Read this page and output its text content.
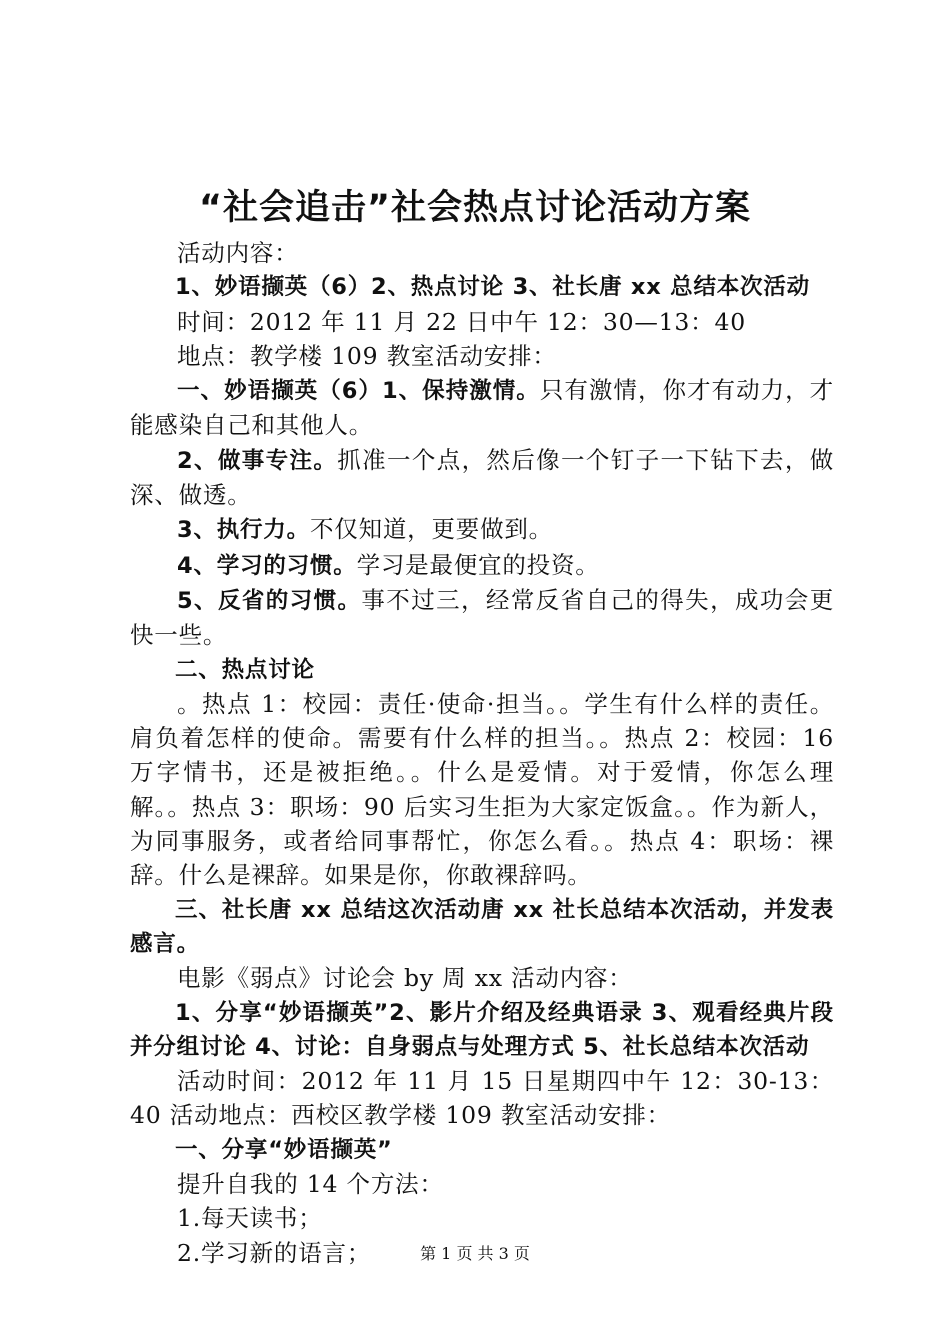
“社会追击”社会热点讨论活动方案

活动内容：

1、妙语撷英（6）2、热点讨论 3、社长唐 xx 总结本次活动

时间：2012 年 11 月 22 日中午 12：30—13：40

地点：教学楼 109 教室活动安排：

一、妙语撷英（6）1、保持激情。只有激情，你才有动力，才能感染自己和其他人。

2、做事专注。抓准一个点，然后像一个钉子一下钻下去，做深、做透。

3、执行力。不仅知道，更要做到。

4、学习的习惯。学习是最便宜的投资。

5、反省的习惯。事不过三，经常反省自己的得失，成功会更快一些。

二、热点讨论

。热点 1：校园：责任·使命·担当。。学生有什么样的责任。肩负着怎样的使命。需要有什么样的担当。。热点 2：校园：16 万字情书，还是被拒绝。。什么是爱情。对于爱情，你怎么理解。。热点 3：职场：90 后实习生拒为大家定饭盒。。作为新人，为同事服务，或者给同事帮忙，你怎么看。。热点 4：职场：裸辞。什么是裸辞。如果是你，你敢裸辞吗。

三、社长唐 xx 总结这次活动唐 xx 社长总结本次活动，并发表感言。

电影《弱点》讨论会 by 周 xx 活动内容：

1、分享“妙语撷英”2、影片介绍及经典语录 3、观看经典片段并分组讨论 4、讨论：自身弱点与处理方式 5、社长总结本次活动

活动时间：2012 年 11 月 15 日星期四中午 12：30-13：40 活动地点：西校区教学楼 109 教室活动安排：

一、分享“妙语撷英”

提升自我的 14 个方法：

1.每天读书；

2.学习新的语言；	第 1 页 共 3 页
